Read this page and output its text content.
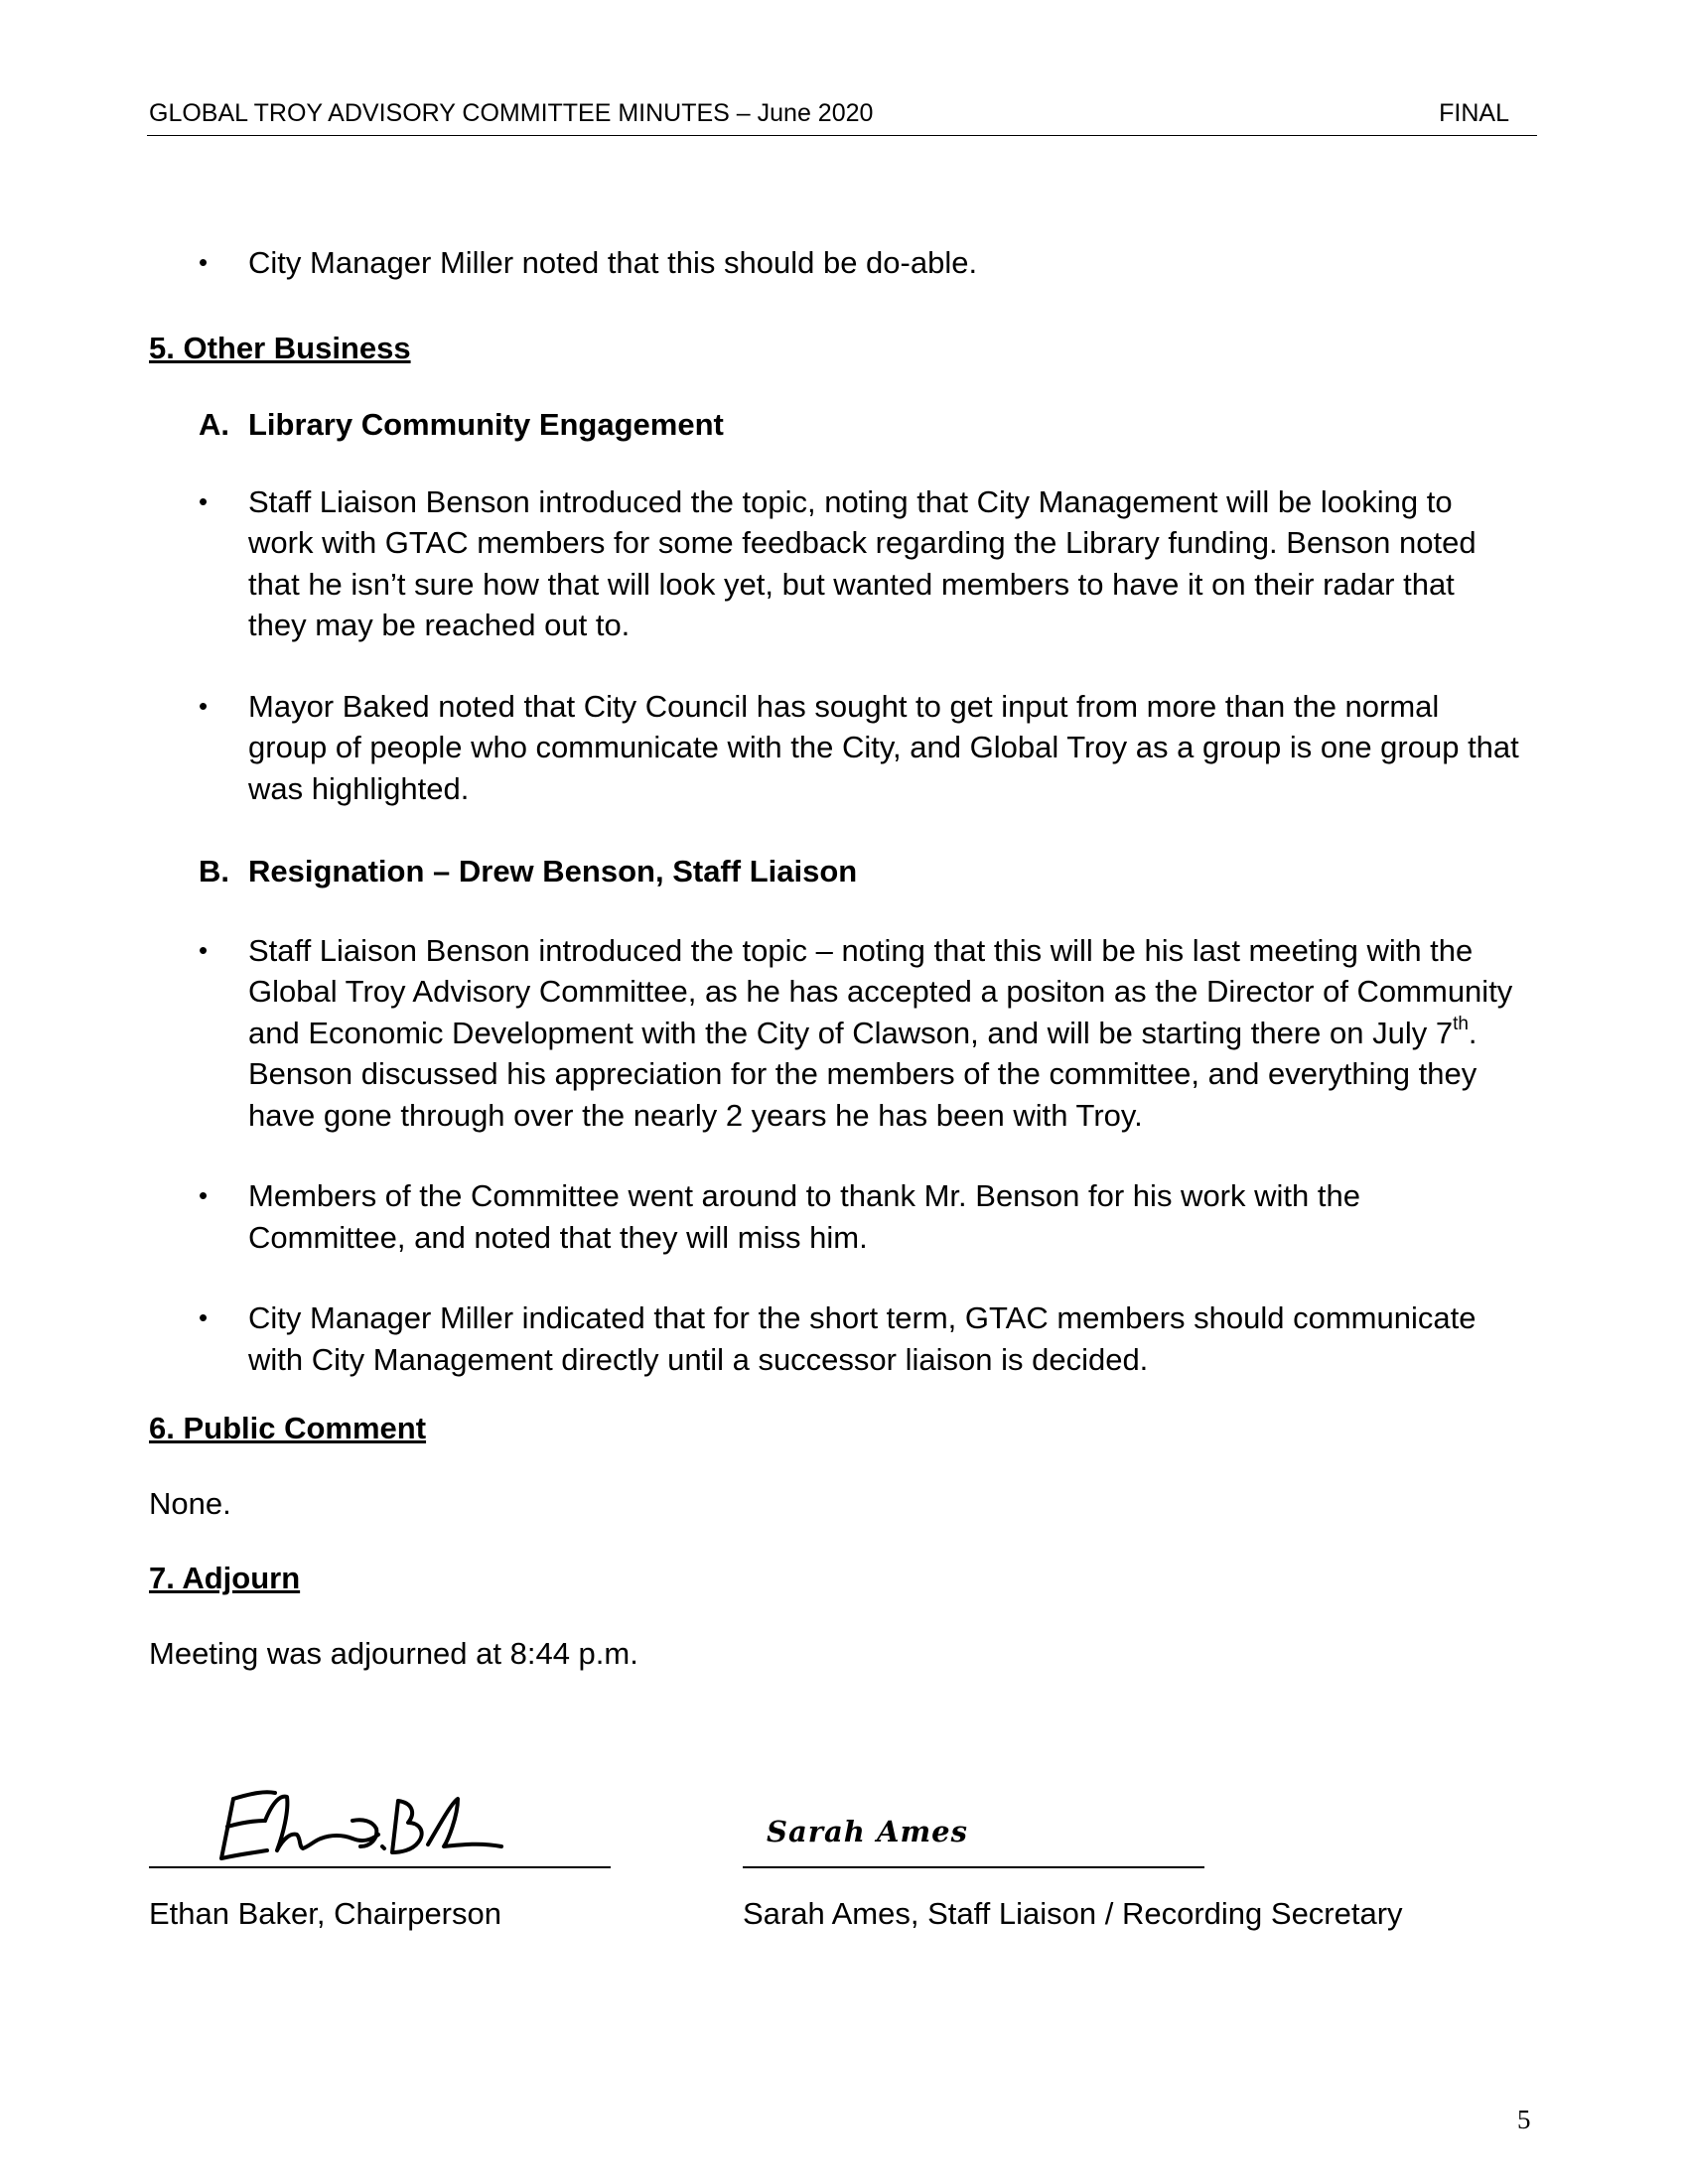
GLOBAL TROY ADVISORY COMMITTEE MINUTES – June 2020	FINAL
• City Manager Miller noted that this should be do-able.
5. Other Business
A. Library Community Engagement
• Staff Liaison Benson introduced the topic, noting that City Management will be looking to work with GTAC members for some feedback regarding the Library funding. Benson noted that he isn’t sure how that will look yet, but wanted members to have it on their radar that they may be reached out to.
• Mayor Baked noted that City Council has sought to get input from more than the normal group of people who communicate with the City, and Global Troy as a group is one group that was highlighted.
B. Resignation – Drew Benson, Staff Liaison
• Staff Liaison Benson introduced the topic – noting that this will be his last meeting with the Global Troy Advisory Committee, as he has accepted a positon as the Director of Community and Economic Development with the City of Clawson, and will be starting there on July 7th. Benson discussed his appreciation for the members of the committee, and everything they have gone through over the nearly 2 years he has been with Troy.
• Members of the Committee went around to thank Mr. Benson for his work with the Committee, and noted that they will miss him.
• City Manager Miller indicated that for the short term, GTAC members should communicate with City Management directly until a successor liaison is decided.
6. Public Comment
None.
7. Adjourn
Meeting was adjourned at 8:44 p.m.
Ethan Baker, Chairperson
Sarah Ames
Sarah Ames, Staff Liaison / Recording Secretary
5
